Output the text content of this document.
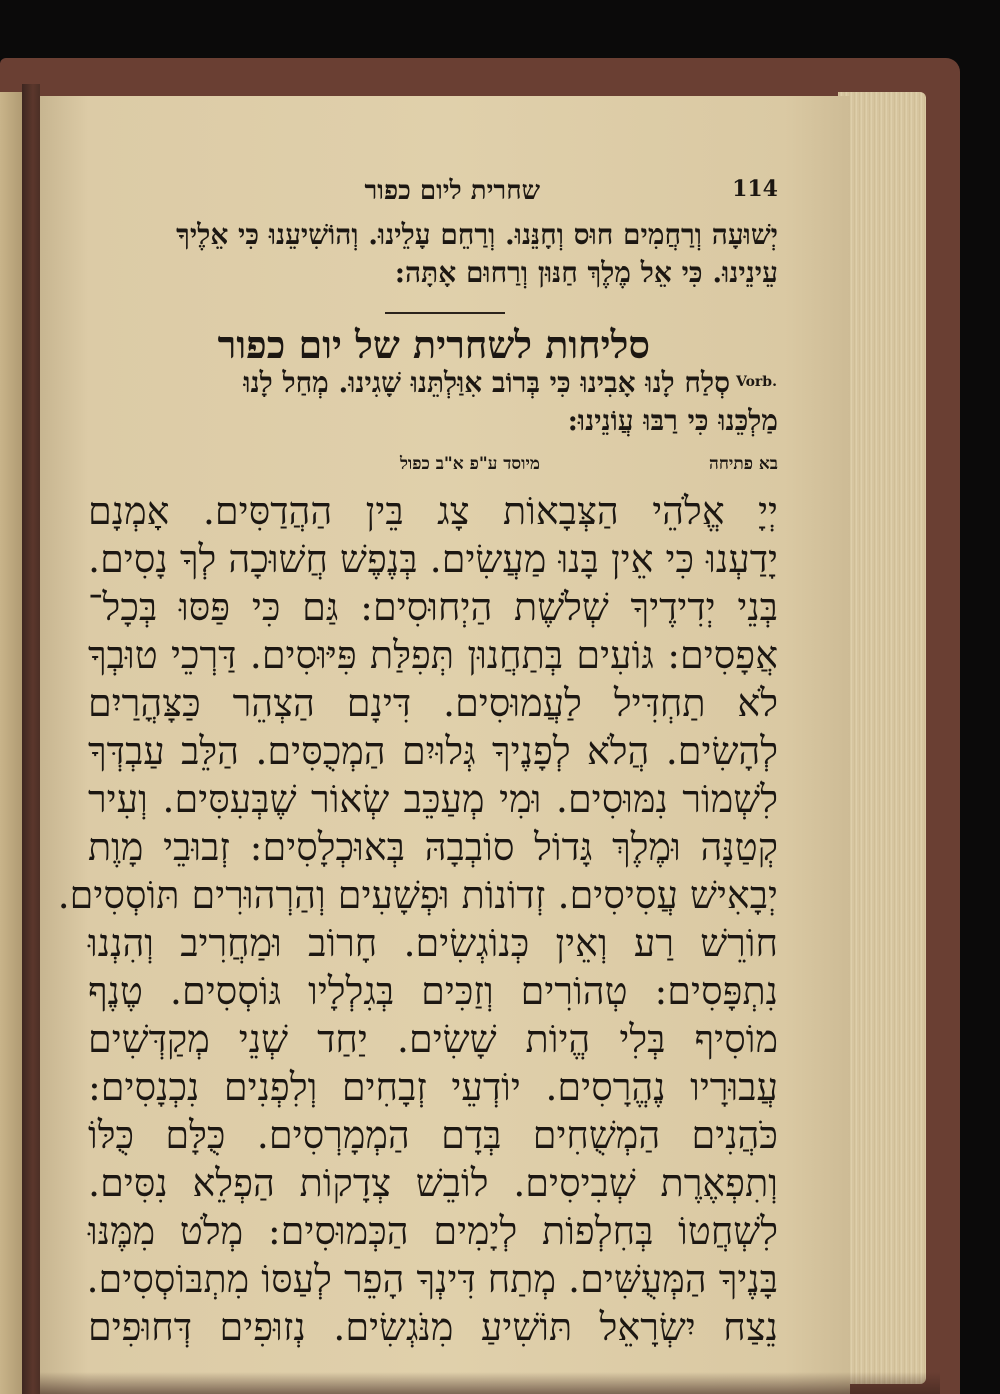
114
שחרית ליום כפור
יְשׁוּעָה וְרַחֲמִים חוּס וְחָנֵּנוּ. וְרַחֵם עָלֵינוּ. וְהוֹשִׁיעֵנוּ כִּי אֵלֶיךָ
עֵינֵינוּ. כִּי אֵל מֶלֶךְ חַנּוּן וְרַחוּם אָתָּה:
סליחות לשחרית של יום כפור
Vorb.
סְלַח לָנוּ אָבִינוּ כִּי בְּרוֹב אִוַּלְתֵּנוּ שָׁגִינוּ. מְחַל לָנוּ
מַלְכֵּנוּ כִּי רַבּוּ עֲוֹנֵינוּ:
בא פתיחה
מיוסד ע"פ א"ב כפול
יְיָ אֱלֹהֵי הַצְּבָאוֹת צָג בֵּין הַהֲדַסִּים. אָמְנָם
יָדַעְנוּ כִּי אֵין בָּנוּ מַעֲשִׂים. בְּנֶפֶשׁ חֲשׁוּכָה לְךָ נָסִים.
בְּנֵי יְדִידֶיךָ שְׁלֹשֶׁת הַיְחוּסִים: גַּם כִּי פַּסּוּ בְּכָל־
אֲפָסִים: גּוֹעִים בְּתַחֲנוּן תְּפִלַּת פִּיּוּסִים. דַּרְכֵי טוּבְךָ
לֹא תַחְדִּיל לַעֲמוּסִים. דִּינָם הַצְהֵר כַּצָּהֳרַיִם
לְהָשִׂים. הֲלֹא לְפָנֶיךָ גְּלוּיִם הַמְכֻסִּים. הַלֵּב עַבְדְּךָ
לִשְׁמוֹר נִמּוּסִים. וּמִי מְעַכֵּב שְׂאוֹר שֶׁבְּעִסִּים. וְעִיר
קְטַנָּה וּמֶלֶךְ גָּדוֹל סוֹבְבָהּ בְּאוּכְלָסִים: זְבוּבֵי מָוֶת
יְבָאִישׁ עֲסִיסִים. זְדוֹנוֹת וּפְשָׁעִים וְהַרְהוּרִים תּוֹסְסִים.
חוֹרֵשׁ רַע וְאֵין כְּנוֹגְשִׂים. חָרוֹב וּמַחֲרִיב וְהִנְנוּ
נִתְפָּסִים: טְהוֹרִים וְזַכִּים בְּגִלְלָיו גּוֹסְסִים. טֶנֶף
מוֹסִיף בְּלִי הֱיוֹת שָׁשִׂים. יַחַד שְׁנֵי מְקַדְּשִׁים
עֲבוּרָיו נֶהֱרָסִים. יוֹדְעֵי זְבָחִים וְלִפְנִים נִכְנָסִים:
כֹּהֲנִים הַמְשֻׁחִים בְּדָם הַמְמָרְסִים. כֻּלָּם כֻּלּוֹ
וְתִפְאֶרֶת שְׁבִיסִים. לוֹבֵשׁ צְדָקוֹת הַפְלֵא נִסִּים.
לִשְׁחֲטוֹ בְּחִלְפוֹת לְיָמִים הַכְּמוּסִים: מְלֹט מִמֶּנּוּ
בָּנֶיךָ הַמְּעֻשִּׁים. מְתַח דִּינְךָ הָפֵר לְעַסּוֹ מִתְבּוֹסְסִים.
נֵצַח יִשְׂרָאֵל תּוֹשִׁיעַ מִנֹּגְשִׂים. נְזוּפִים דְּחוּפִים
